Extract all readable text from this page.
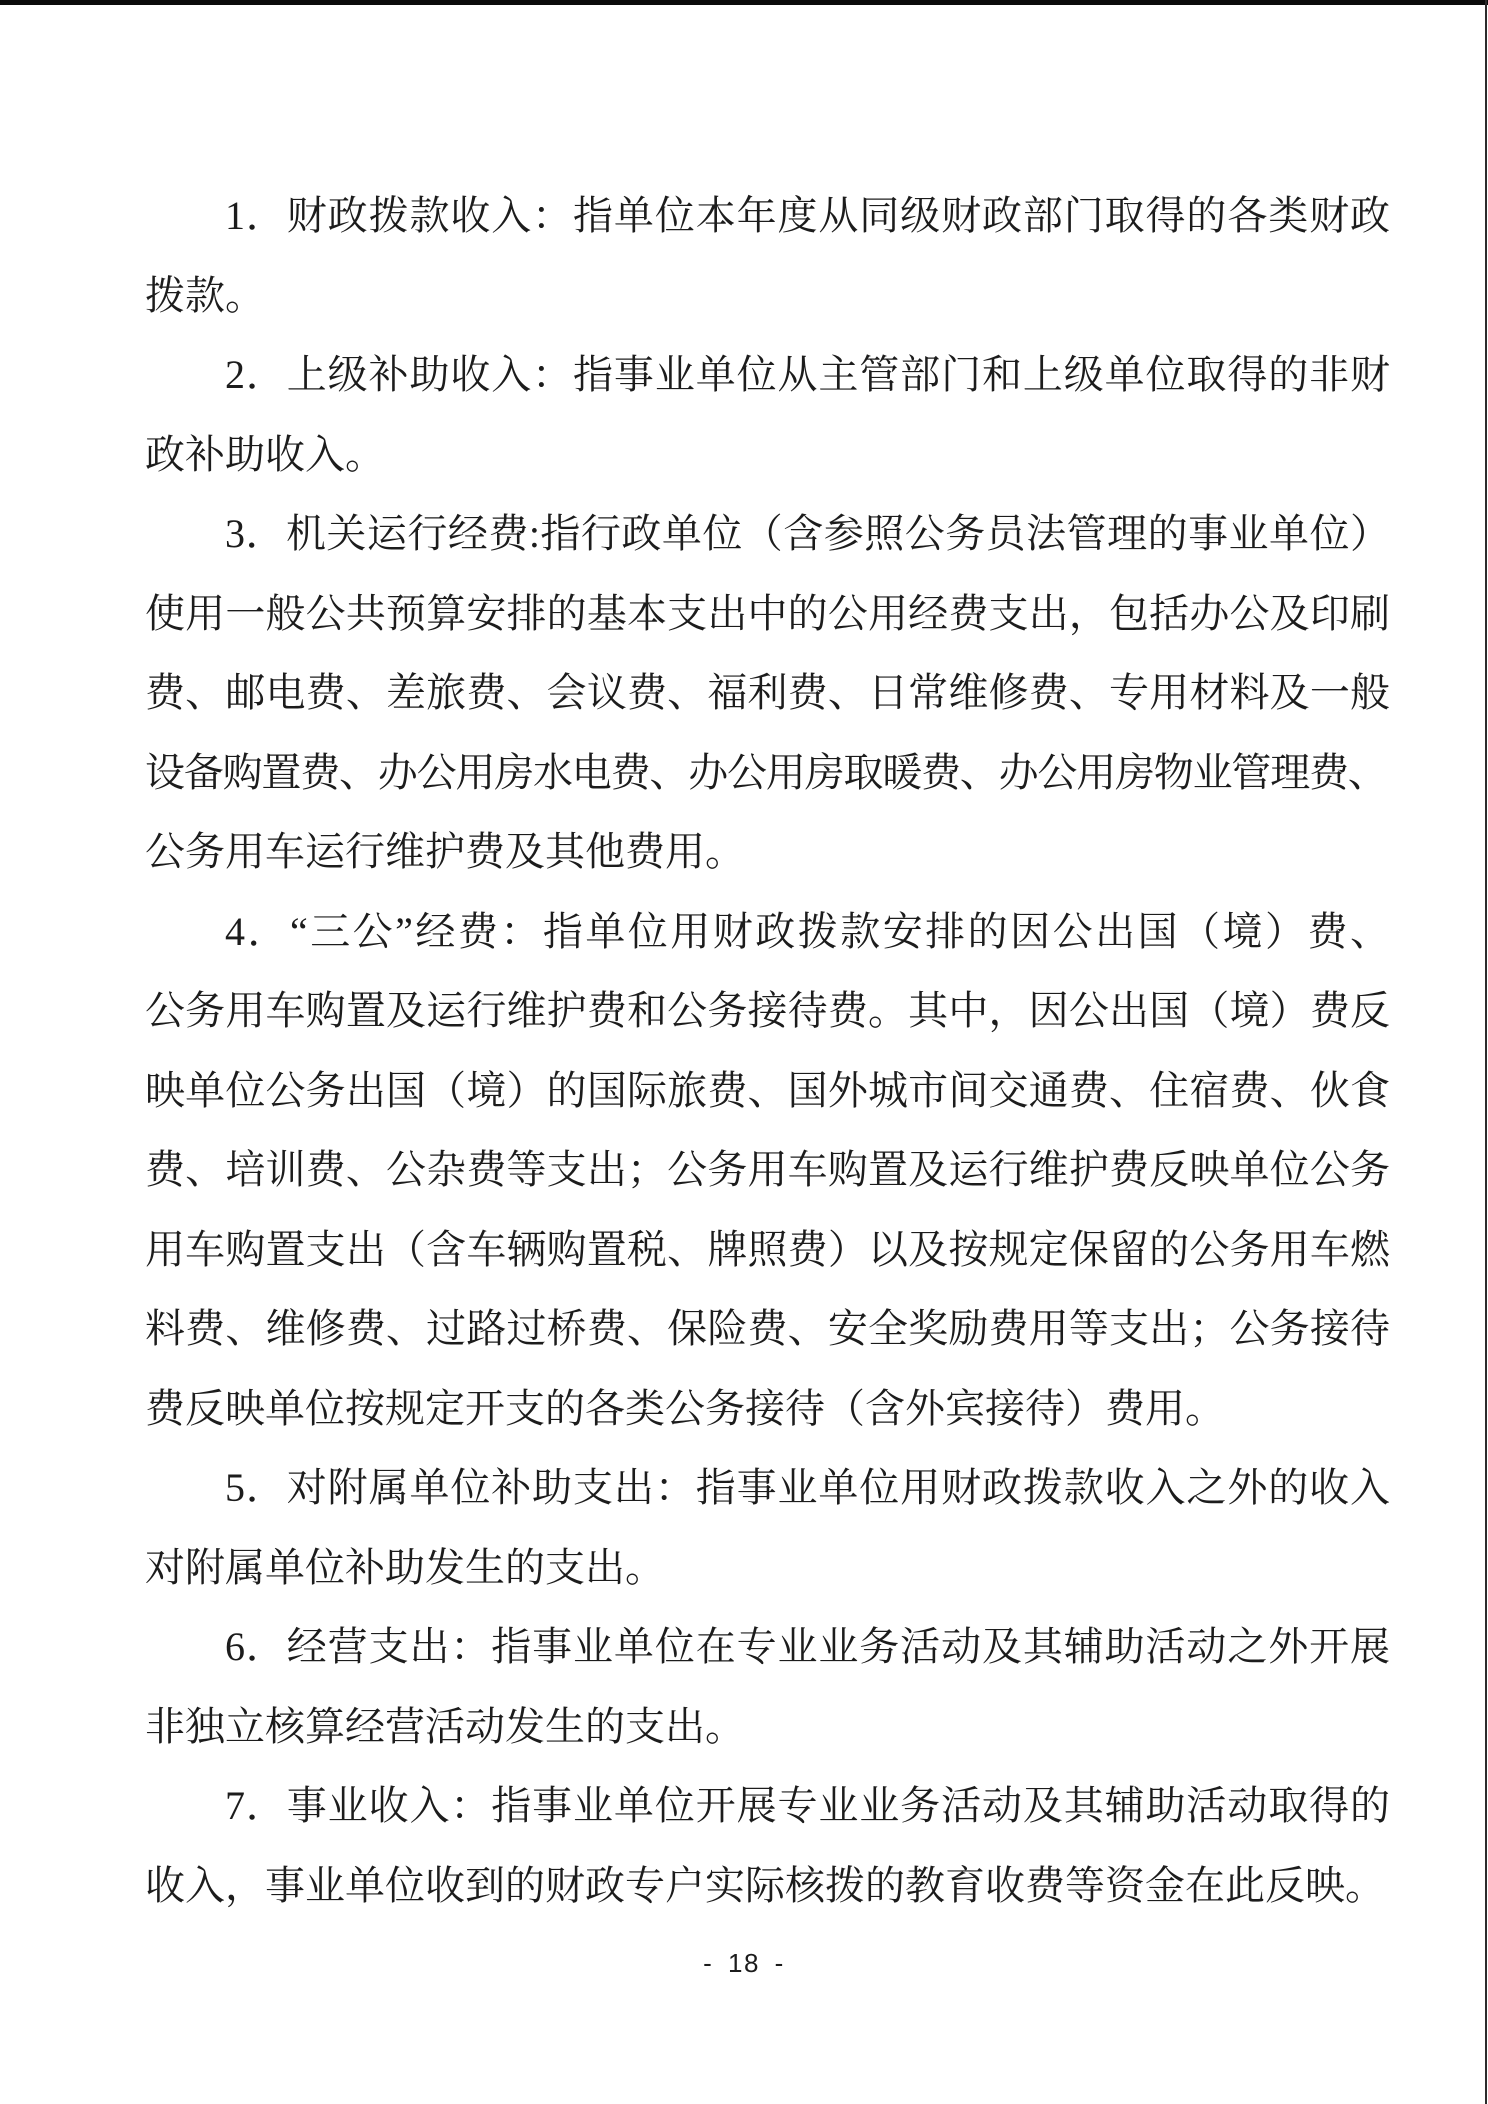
1．财政拨款收入：指单位本年度从同级财政部门取得的各类财政
拨款。
2．上级补助收入：指事业单位从主管部门和上级单位取得的非财
政补助收入。
3．机关运行经费:指行政单位（含参照公务员法管理的事业单位）
使用一般公共预算安排的基本支出中的公用经费支出，包括办公及印刷
费、邮电费、差旅费、会议费、福利费、日常维修费、专用材料及一般
设备购置费、办公用房水电费、办公用房取暖费、办公用房物业管理费、
公务用车运行维护费及其他费用。
4．“三公”经费：指单位用财政拨款安排的因公出国（境）费、
公务用车购置及运行维护费和公务接待费。其中，因公出国（境）费反
映单位公务出国（境）的国际旅费、国外城市间交通费、住宿费、伙食
费、培训费、公杂费等支出；公务用车购置及运行维护费反映单位公务
用车购置支出（含车辆购置税、牌照费）以及按规定保留的公务用车燃
料费、维修费、过路过桥费、保险费、安全奖励费用等支出；公务接待
费反映单位按规定开支的各类公务接待（含外宾接待）费用。
5．对附属单位补助支出：指事业单位用财政拨款收入之外的收入
对附属单位补助发生的支出。
6．经营支出：指事业单位在专业业务活动及其辅助活动之外开展
非独立核算经营活动发生的支出。
7．事业收入：指事业单位开展专业业务活动及其辅助活动取得的
收入，事业单位收到的财政专户实际核拨的教育收费等资金在此反映。
- 18 -
